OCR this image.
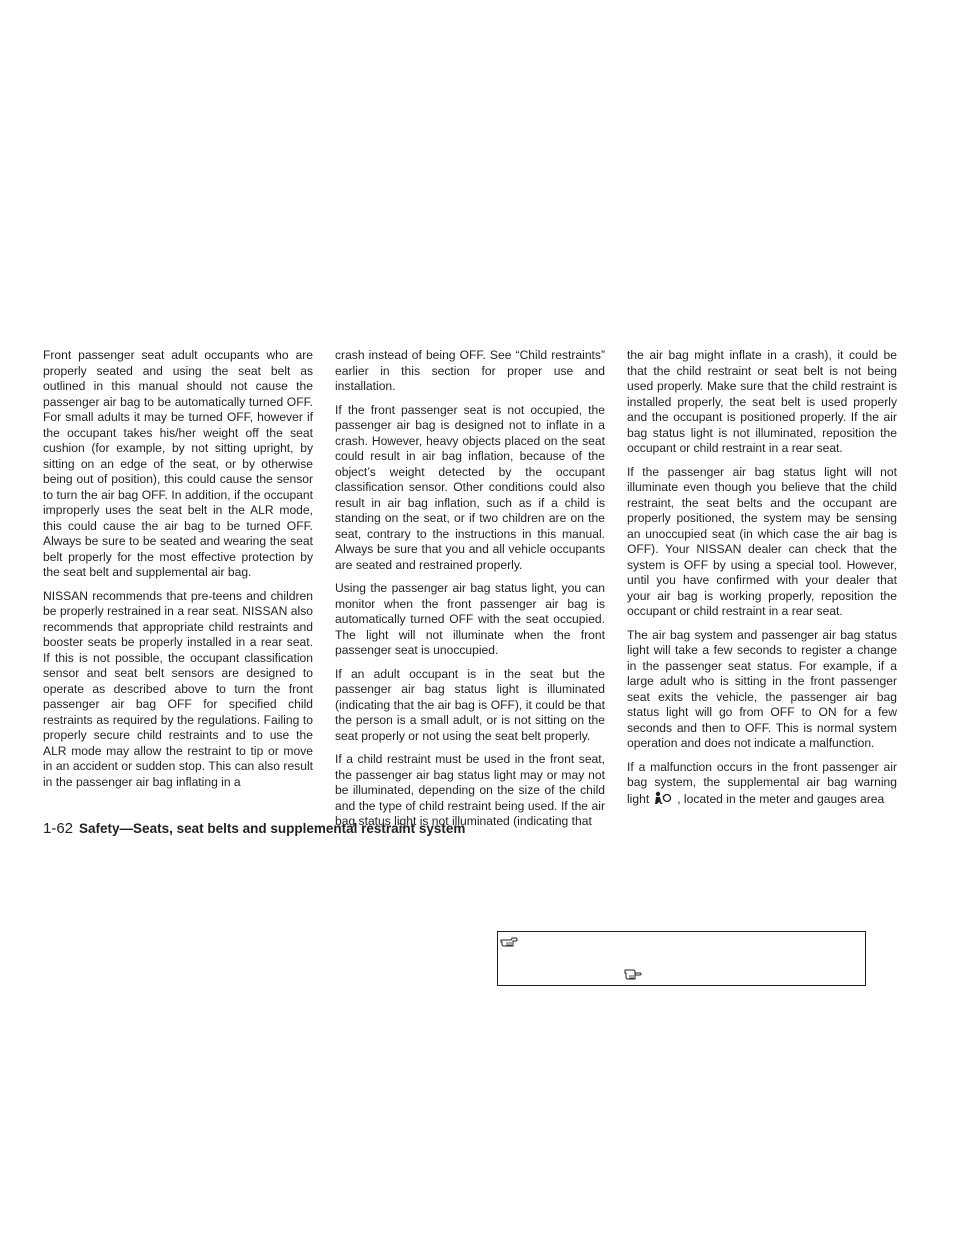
Front passenger seat adult occupants who are properly seated and using the seat belt as outlined in this manual should not cause the passenger air bag to be automatically turned OFF. For small adults it may be turned OFF, however if the occupant takes his/her weight off the seat cushion (for example, by not sitting upright, by sitting on an edge of the seat, or by otherwise being out of position), this could cause the sensor to turn the air bag OFF. In addition, if the occupant improperly uses the seat belt in the ALR mode, this could cause the air bag to be turned OFF. Always be sure to be seated and wearing the seat belt properly for the most effective protection by the seat belt and supplemental air bag.

NISSAN recommends that pre-teens and children be properly restrained in a rear seat. NISSAN also recommends that appropriate child restraints and booster seats be properly installed in a rear seat. If this is not possible, the occupant classification sensor and seat belt sensors are designed to operate as described above to turn the front passenger air bag OFF for specified child restraints as required by the regulations. Failing to properly secure child restraints and to use the ALR mode may allow the restraint to tip or move in an accident or sudden stop. This can also result in the passenger air bag inflating in a

crash instead of being OFF. See “Child restraints” earlier in this section for proper use and installation.

If the front passenger seat is not occupied, the passenger air bag is designed not to inflate in a crash. However, heavy objects placed on the seat could result in air bag inflation, because of the object’s weight detected by the occupant classification sensor. Other conditions could also result in air bag inflation, such as if a child is standing on the seat, or if two children are on the seat, contrary to the instructions in this manual. Always be sure that you and all vehicle occupants are seated and restrained properly.

Using the passenger air bag status light, you can monitor when the front passenger air bag is automatically turned OFF with the seat occupied. The light will not illuminate when the front passenger seat is unoccupied.

If an adult occupant is in the seat but the passenger air bag status light is illuminated (indicating that the air bag is OFF), it could be that the person is a small adult, or is not sitting on the seat properly or not using the seat belt properly.

If a child restraint must be used in the front seat, the passenger air bag status light may or may not be illuminated, depending on the size of the child and the type of child restraint being used. If the air bag status light is not illuminated (indicating that

the air bag might inflate in a crash), it could be that the child restraint or seat belt is not being used properly. Make sure that the child restraint is installed properly, the seat belt is used properly and the occupant is positioned properly. If the air bag status light is not illuminated, reposition the occupant or child restraint in a rear seat.

If the passenger air bag status light will not illuminate even though you believe that the child restraint, the seat belts and the occupant are properly positioned, the system may be sensing an unoccupied seat (in which case the air bag is OFF). Your NISSAN dealer can check that the system is OFF by using a special tool. However, until you have confirmed with your dealer that your air bag is working properly, reposition the occupant or child restraint in a rear seat.

The air bag system and passenger air bag status light will take a few seconds to register a change in the passenger seat status. For example, if a large adult who is sitting in the front passenger seat exits the vehicle, the passenger air bag status light will go from OFF to ON for a few seconds and then to OFF. This is normal system operation and does not indicate a malfunction.

If a malfunction occurs in the front passenger air bag system, the supplemental air bag warning light , located in the meter and gauges area

1-62 Safety—Seats, seat belts and supplemental restraint system
